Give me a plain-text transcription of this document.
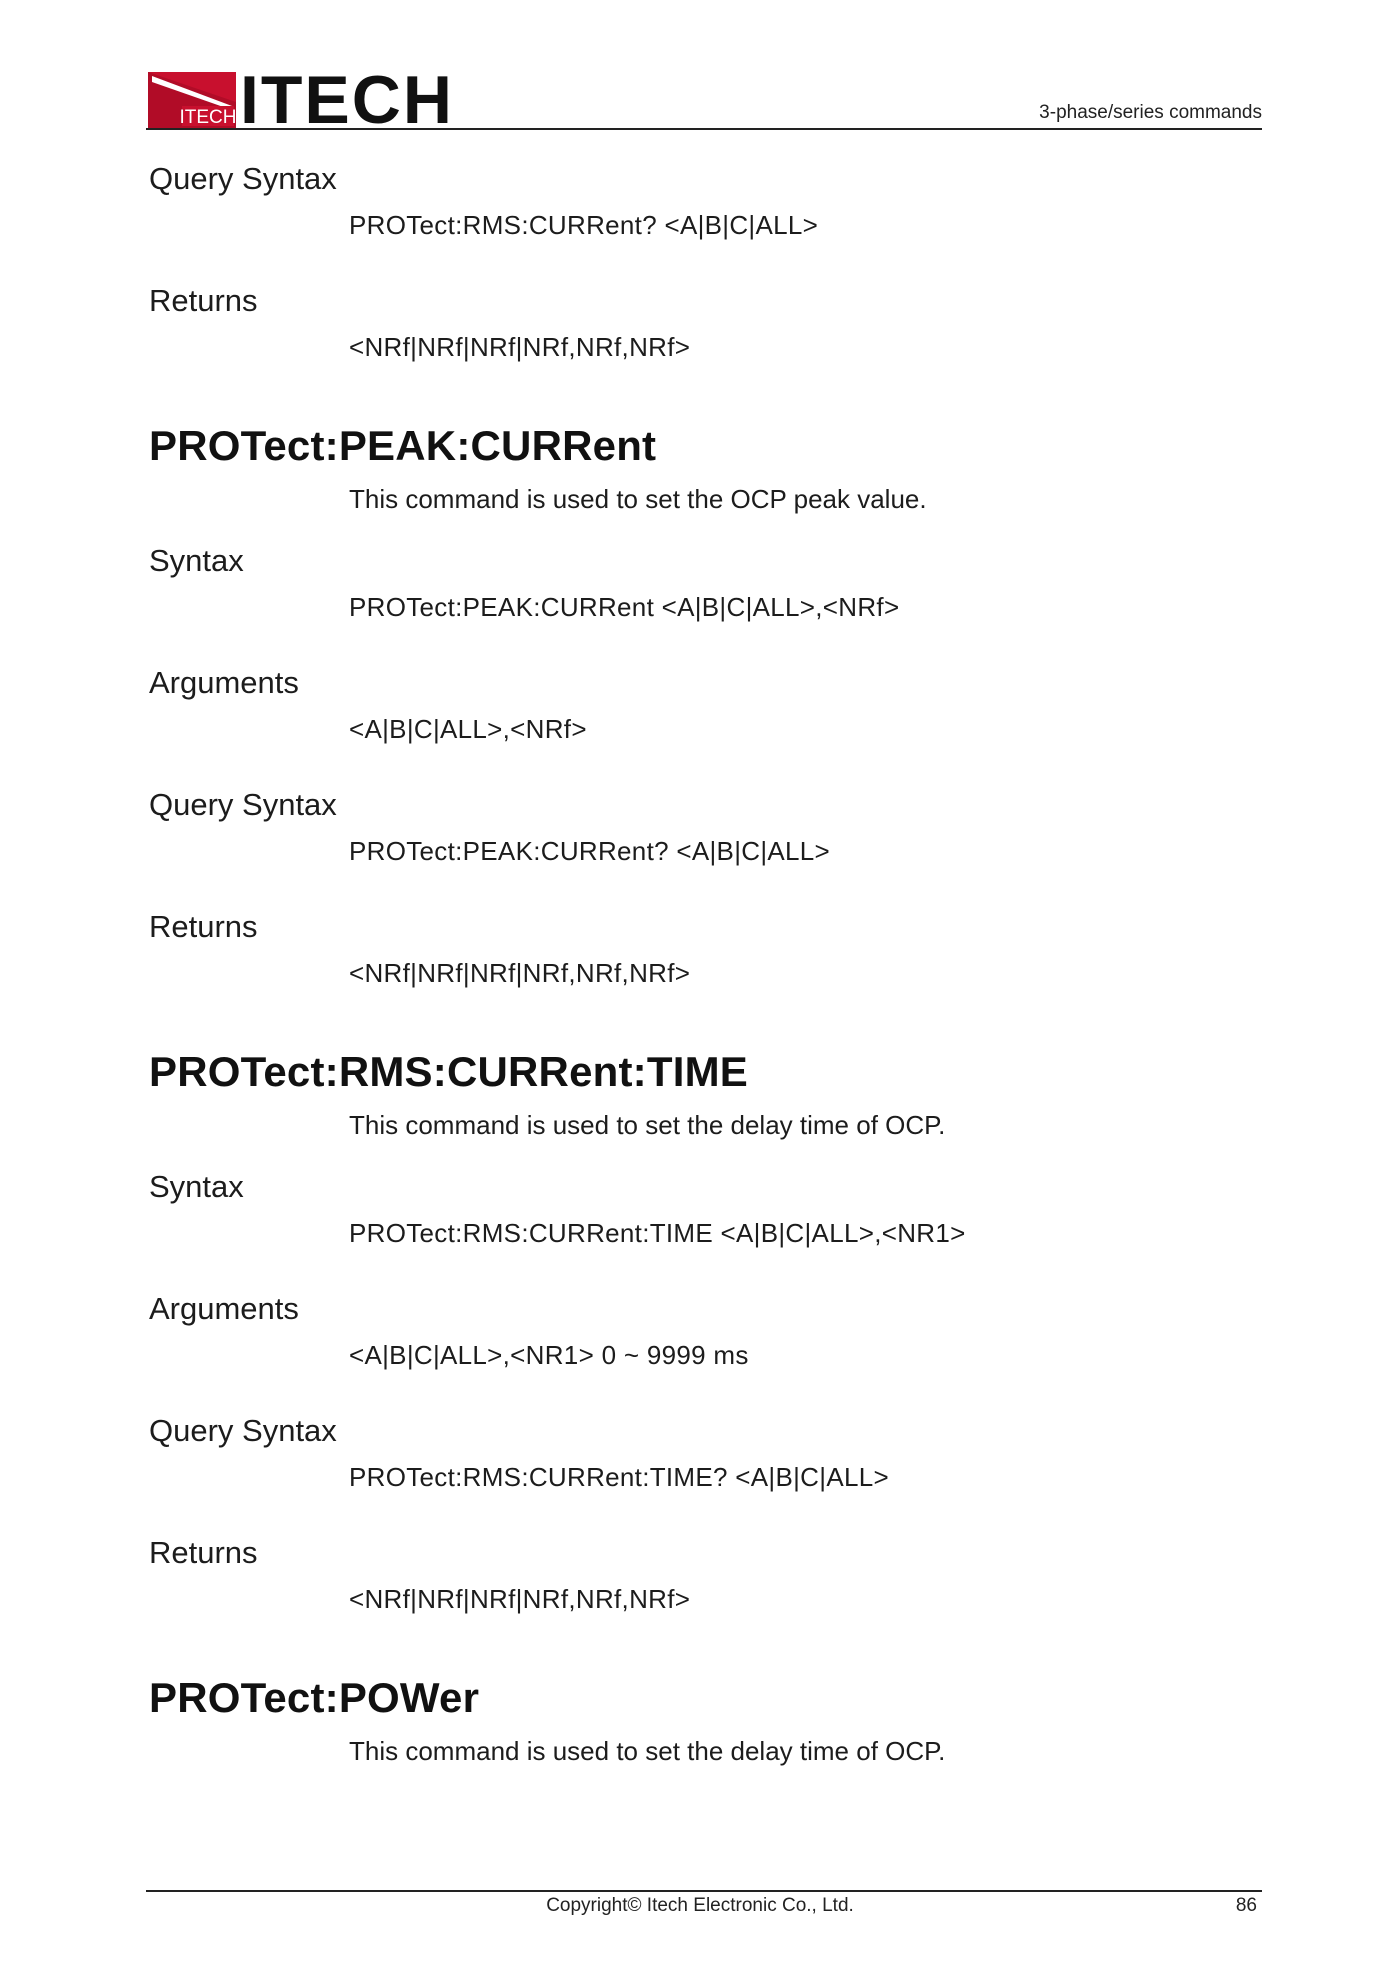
ITECH ITECH	3-phase/series commands
Query Syntax
PROTect:RMS:CURRent? <A|B|C|ALL>
Returns
<NRf|NRf|NRf|NRf,NRf,NRf>
PROTect:PEAK:CURRent
This command is used to set the OCP peak value.
Syntax
PROTect:PEAK:CURRent <A|B|C|ALL>,<NRf>
Arguments
<A|B|C|ALL>,<NRf>
Query Syntax
PROTect:PEAK:CURRent? <A|B|C|ALL>
Returns
<NRf|NRf|NRf|NRf,NRf,NRf>
PROTect:RMS:CURRent:TIME
This command is used to set the delay time of OCP.
Syntax
PROTect:RMS:CURRent:TIME <A|B|C|ALL>,<NR1>
Arguments
<A|B|C|ALL>,<NR1> 0 ~ 9999 ms
Query Syntax
PROTect:RMS:CURRent:TIME? <A|B|C|ALL>
Returns
<NRf|NRf|NRf|NRf,NRf,NRf>
PROTect:POWer
This command is used to set the delay time of OCP.
Copyright© Itech Electronic Co., Ltd.	86
